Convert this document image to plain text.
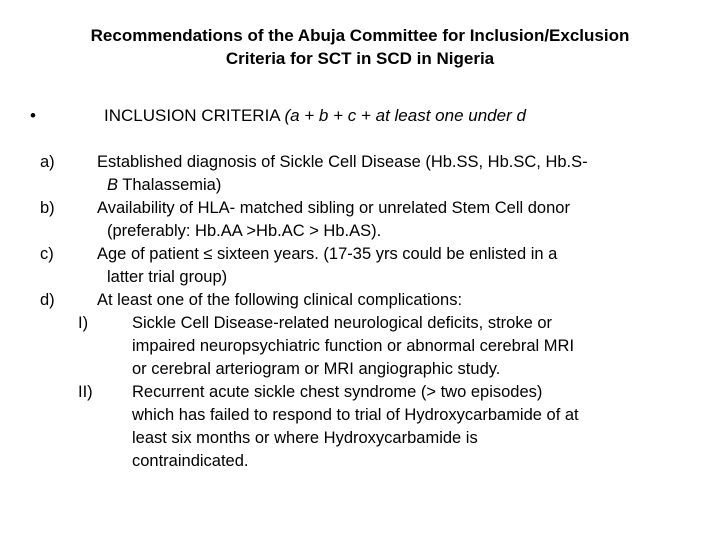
Recommendations of the Abuja Committee for Inclusion/Exclusion
Criteria for SCT in SCD in Nigeria
•	INCLUSION CRITERIA (a + b + c + at least one under d
a)	Established diagnosis of Sickle Cell Disease (Hb.SS, Hb.SC, Hb.S-
B Thalassemia)
b)	Availability of HLA- matched sibling or unrelated Stem Cell donor
(preferably: Hb.AA >Hb.AC > Hb.AS).
c)	Age of patient ≤ sixteen years. (17-35 yrs could be enlisted in a
latter trial group)
d)	At least one of the following clinical complications:
I)	Sickle Cell Disease-related neurological deficits, stroke or
impaired neuropsychiatric function or abnormal cerebral MRI
or cerebral arteriogram or MRI angiographic study.
II) Recurrent acute sickle chest syndrome (> two episodes)
which has failed to respond to trial of Hydroxycarbamide of at
least six months or where Hydroxycarbamide is
contraindicated.
